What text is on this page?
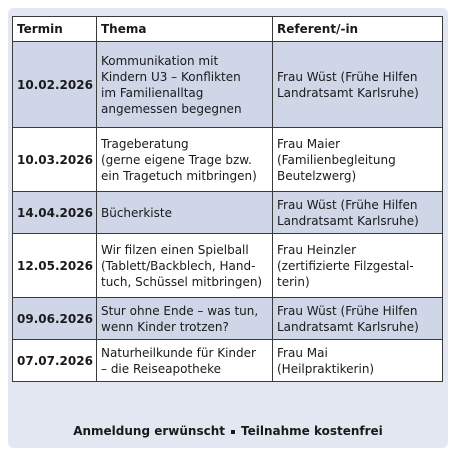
Termin	Thema	Referent/-in
10.02.2026	Kommunikation mit
Kindern U3 – Konflikten
im Familienalltag
angemessen begegnen	Frau Wüst (Frühe Hilfen
Landratsamt Karlsruhe)
10.03.2026	Trageberatung
(gerne eigene Trage bzw.
ein Tragetuch mitbringen)	Frau Maier
(Familienbegleitung
Beutelzwerg)
14.04.2026	Bücherkiste	Frau Wüst (Frühe Hilfen
Landratsamt Karlsruhe)
12.05.2026	Wir filzen einen Spielball
(Tablett/Backblech, Hand-
tuch, Schüssel mitbringen)	Frau Heinzler
(zertifizierte Filzgestal-
terin)
09.06.2026	Stur ohne Ende – was tun,
wenn Kinder trotzen?	Frau Wüst (Frühe Hilfen
Landratsamt Karlsruhe)
07.07.2026	Naturheilkunde für Kinder
– die Reiseapotheke	Frau Mai
(Heilpraktikerin)
Anmeldung erwünscht Teilnahme kostenfrei
